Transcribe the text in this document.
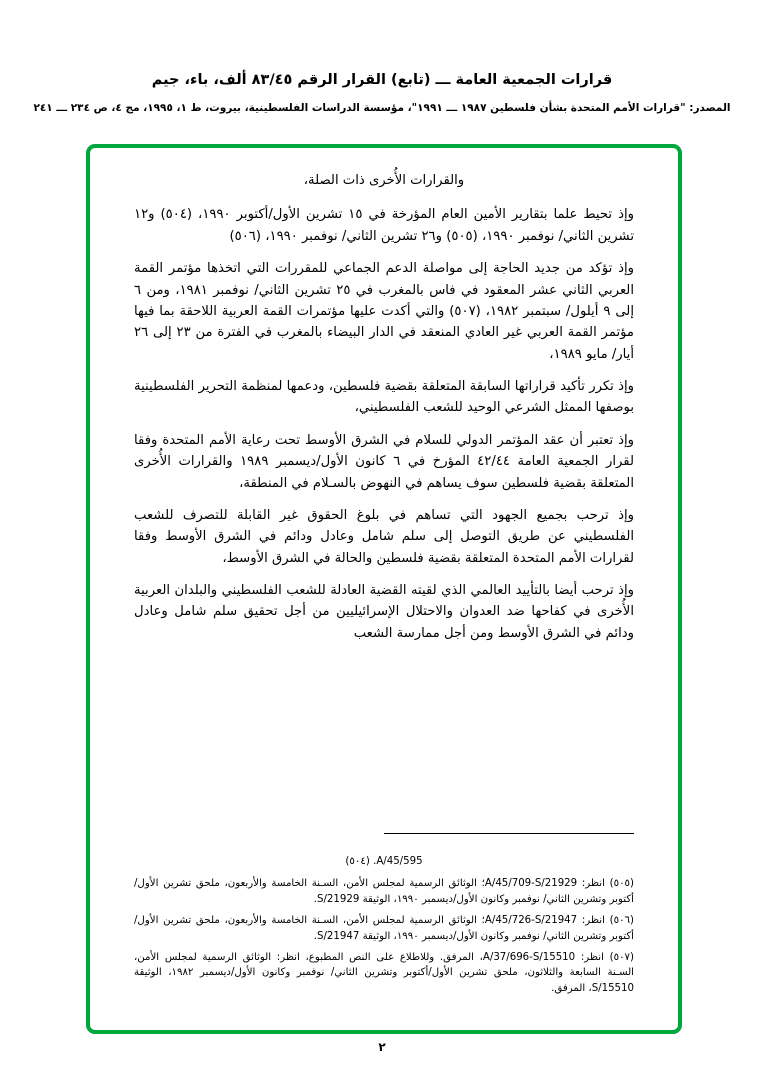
قرارات الجمعية العامة ـــ (تابع) القرار الرقم ٨٣/٤٥ ألف، باء، جيم
المصدر: "قرارات الأمم المتحدة بشأن فلسطين ١٩٨٧ ـــ ١٩٩١"، مؤسسة الدراسات الفلسطينية، بيروت، ط ١، ١٩٩٥، مج ٤، ص ٢٣٤ ـــ ٢٤١

والقرارات الأُخرى ذات الصلة،

وإذ تحيط علما بتقارير الأمين العام المؤرخة في ١٥ تشرين الأول/أكتوبر ١٩٩٠، (٥٠٤) و١٢ تشرين الثاني/ نوفمبر ١٩٩٠، (٥٠٥) و٢٦ تشرين الثاني/ نوفمبر ١٩٩٠، (٥٠٦)

وإذ تؤكد من جديد الحاجة إلى مواصلة الدعم الجماعي للمقررات التي اتخذها مؤتمر القمة العربي الثاني عشر المعقود في فاس بالمغرب في ٢٥ تشرين الثاني/ نوفمبر ١٩٨١، ومن ٦ إلى ٩ أيلول/ سبتمبر ١٩٨٢، (٥٠٧) والتي أكدت عليها مؤتمرات القمة العربية اللاحقة بما فيها مؤتمر القمة العربي غير العادي المنعقد في الدار البيضاء بالمغرب في الفترة من ٢٣ إلى ٢٦ أيار/ مايو ١٩٨٩،

وإذ تكرر تأكيد قراراتها السابقة المتعلقة بقضية فلسطين، ودعمها لمنظمة التحرير الفلسطينية بوصفها الممثل الشرعي الوحيد للشعب الفلسطيني،

وإذ تعتبر أن عقد المؤتمر الدولي للسلام في الشرق الأوسط تحت رعاية الأمم المتحدة وفقا لقرار الجمعية العامة ٤٢/٤٤ المؤرخ في ٦ كانون الأول/ديسمبر ١٩٨٩ والقرارات الأُخرى المتعلقة بقضية فلسطين سوف يساهم في النهوض بالسـلام في المنطقة،

وإذ ترحب بجميع الجهود التي تساهم في بلوغ الحقوق غير القابلة للتصرف للشعب الفلسطيني عن طريق التوصل إلى سلم شامل وعادل ودائم في الشرق الأوسط وفقا لقرارات الأمم المتحدة المتعلقة بقضية فلسطين والحالة في الشرق الأوسط،

وإذ ترحب أيضا بالتأييد العالمي الذي لقيته القضية العادلة للشعب الفلسطيني والبلدان العربية الأُخرى في كفاحها ضد العدوان والاحتلال الإسرائيليين من أجل تحقيق سلم شامل وعادل ودائم في الشرق الأوسط ومن أجل ممارسة الشعب

A/45/595. (٥٠٤)

(٥٠٥) انظر: A/45/709-S/21929؛ الوثائق الرسمية لمجلس الأمن، السـنة الخامسة والأربعون، ملحق تشرين الأول/أكتوبر وتشرين الثاني/ نوفمبر وكانون الأول/ديسمبر ١٩٩٠، الوثيقة S/21929.

(٥٠٦) انظر: A/45/726-S/21947؛ الوثائق الرسمية لمجلس الأمن، السـنة الخامسة والأربعون، ملحق تشرين الأول/أكتوبر وتشرين الثاني/ نوفمبر وكانون الأول/ديسمبر ١٩٩٠، الوثيقة S/21947.

(٥٠٧) انظر: A/37/696-S/15510، المرفق. وللاطلاع على النص المطبوع، انظر: الوثائق الرسمية لمجلس الأمن، السـنة السابعة والثلاثون، ملحق تشرين الأول/أكتوبر وتشرين الثاني/ نوفمبر وكانون الأول/ديسمبر ١٩٨٢، الوثيقة S/15510، المرفق.

٢
